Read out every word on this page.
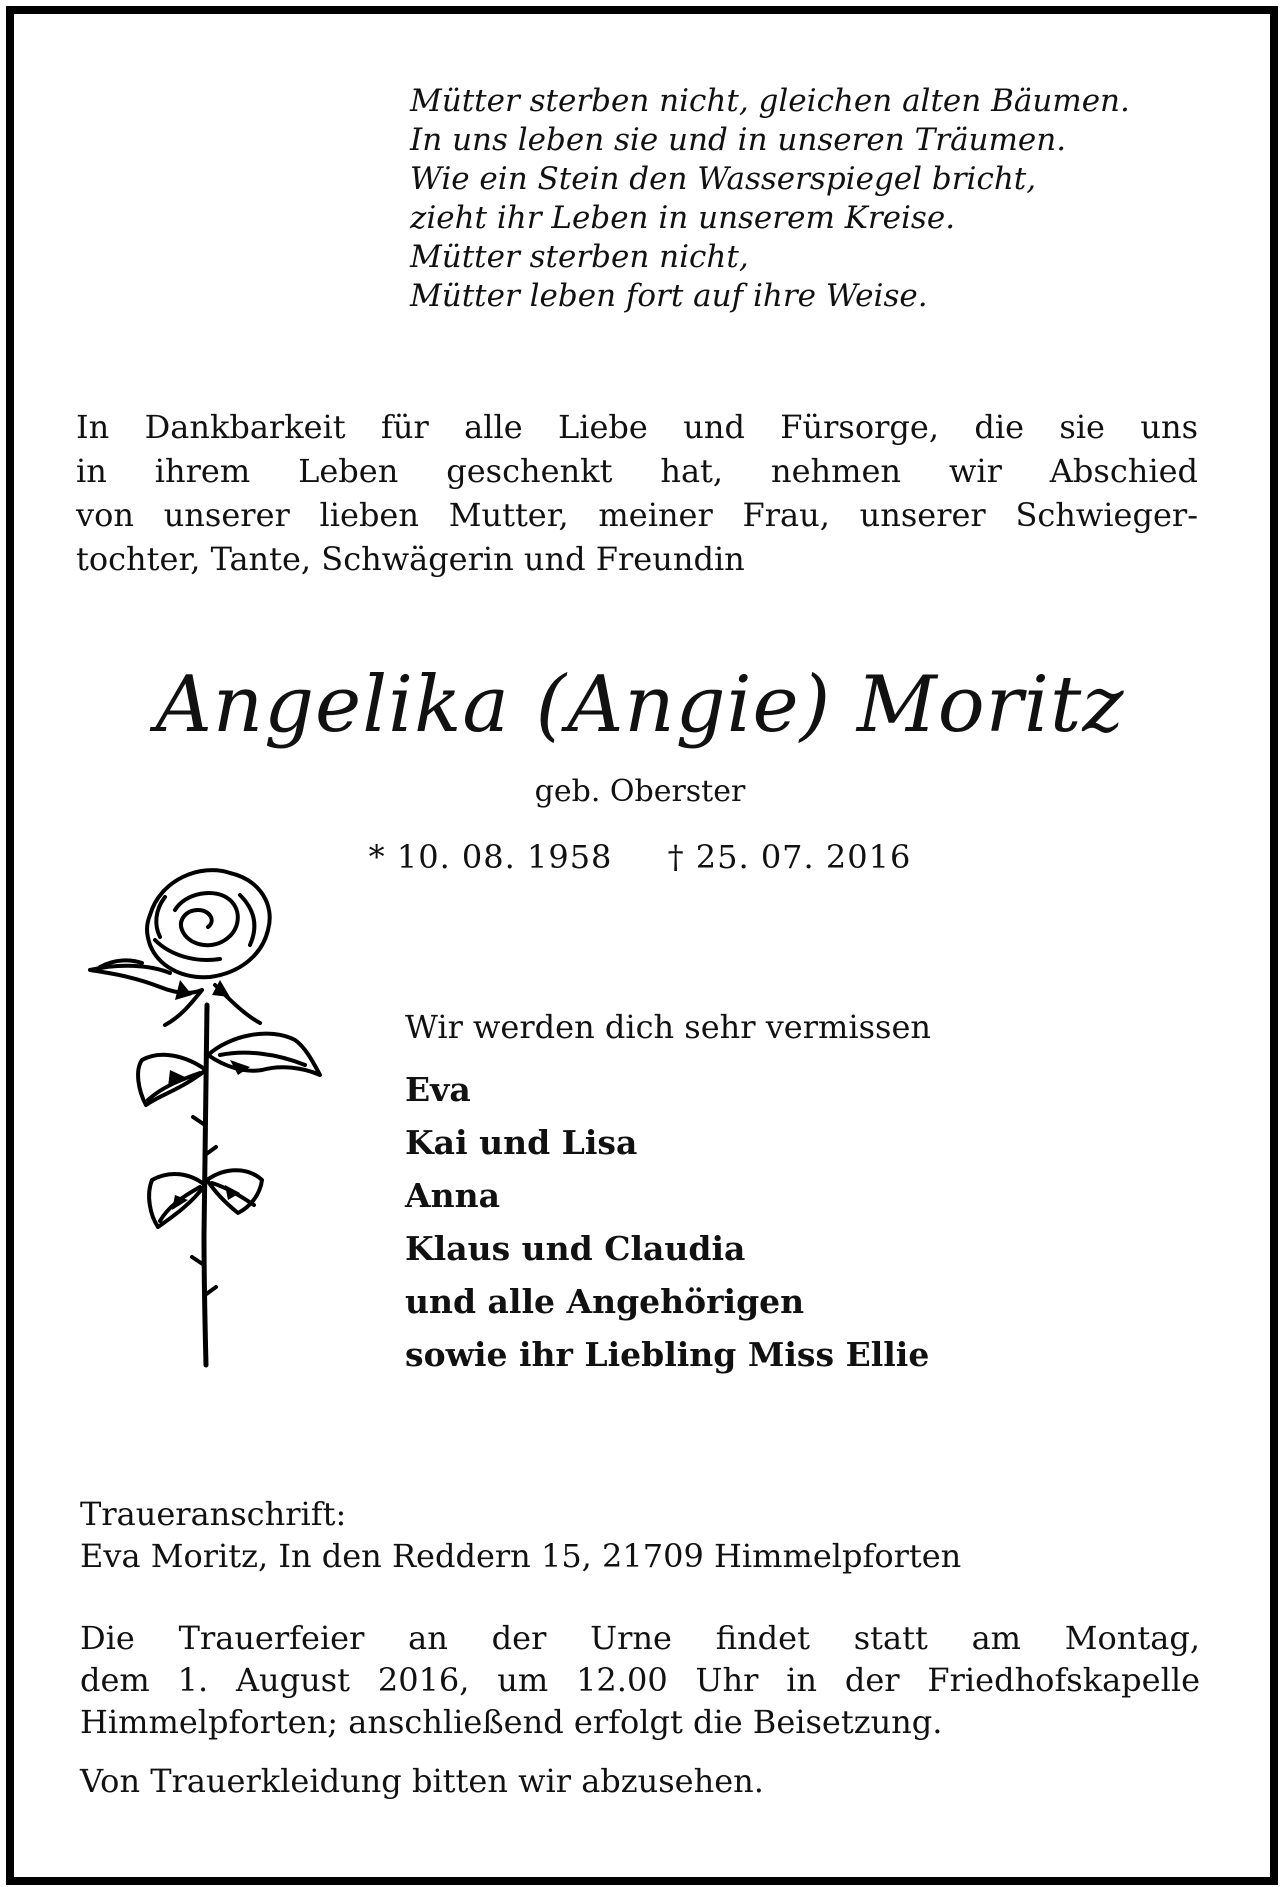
Mütter sterben nicht, gleichen alten Bäumen.
In uns leben sie und in unseren Träumen.
Wie ein Stein den Wasserspiegel bricht,
zieht ihr Leben in unserem Kreise.
Mütter sterben nicht,
Mütter leben fort auf ihre Weise.
In Dankbarkeit für alle Liebe und Fürsorge, die sie uns
in ihrem Leben geschenkt hat, nehmen wir Abschied
von unserer lieben Mutter, meiner Frau, unserer Schwieger-
tochter, Tante, Schwägerin und Freundin
Angelika (Angie) Moritz
geb. Oberster
* 10. 08. 1958 † 25. 07. 2016
Wir werden dich sehr vermissen
Eva
Kai und Lisa
Anna
Klaus und Claudia
und alle Angehörigen
sowie ihr Liebling Miss Ellie
Traueranschrift:
Eva Moritz, In den Reddern 15, 21709 Himmelpforten
Die Trauerfeier an der Urne findet statt am Montag,
dem 1. August 2016, um 12.00 Uhr in der Friedhofskapelle
Himmelpforten; anschließend erfolgt die Beisetzung.
Von Trauerkleidung bitten wir abzusehen.
